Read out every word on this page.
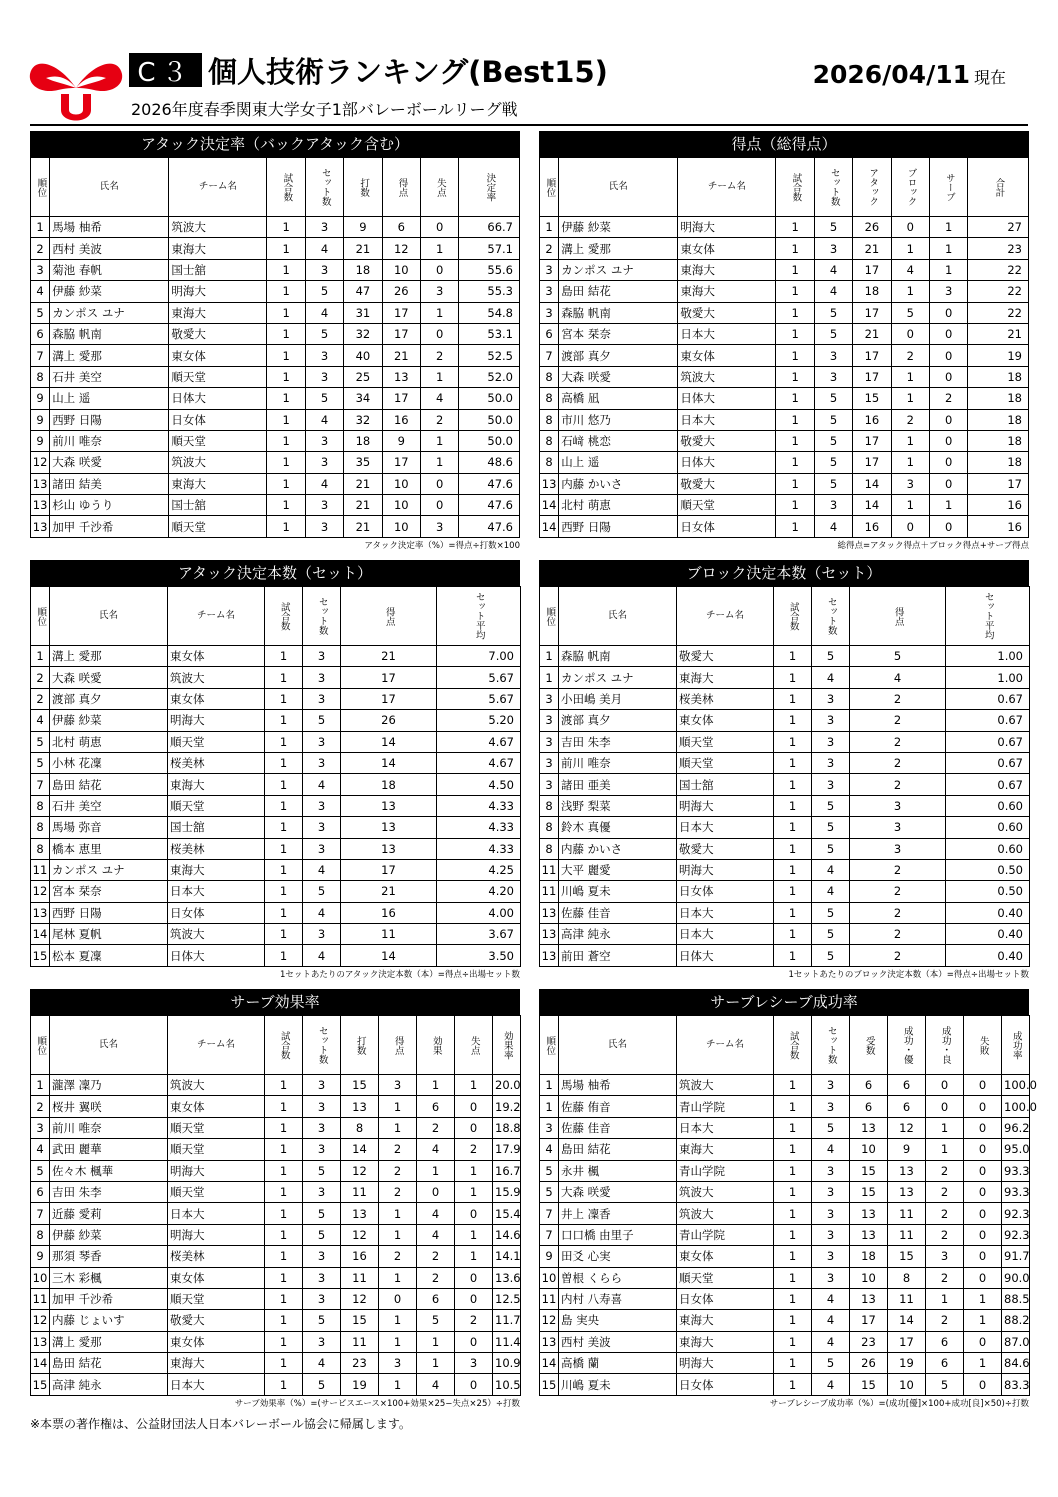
C３ 個人技術ランキング(Best15)	2026/04/11 現在
2026年度春季関東大学女子1部バレーボールリーグ戦
アタック決定率（バックアタック含む）
順位	氏名	チーム名	試合数	セット数	打数	得点	失点	決定率
1	馬場 柚希	筑波大	1	3	9	6	0	66.7
2	西村 美波	東海大	1	4	21	12	1	57.1
3	菊池 春帆	国士舘	1	3	18	10	0	55.6
4	伊藤 紗菜	明海大	1	5	47	26	3	55.3
5	カンポス ユナ	東海大	1	4	31	17	1	54.8
6	森脇 帆南	敬愛大	1	5	32	17	0	53.1
7	溝上 愛那	東女体	1	3	40	21	2	52.5
8	石井 美空	順天堂	1	3	25	13	1	52.0
9	山上 遥	日体大	1	5	34	17	4	50.0
9	西野 日陽	日女体	1	4	32	16	2	50.0
9	前川 唯奈	順天堂	1	3	18	9	1	50.0
12	大森 咲愛	筑波大	1	3	35	17	1	48.6
13	諸田 結美	東海大	1	4	21	10	0	47.6
13	杉山 ゆうり	国士舘	1	3	21	10	0	47.6
13	加甲 千沙希	順天堂	1	3	21	10	3	47.6
アタック決定率（%）=得点÷打数×100
得点（総得点）
順位	氏名	チーム名	試合数	セット数	アタック	ブロック	サーブ	合計
1	伊藤 紗菜	明海大	1	5	26	0	1	27
2	溝上 愛那	東女体	1	3	21	1	1	23
3	カンポス ユナ	東海大	1	4	17	4	1	22
3	島田 結花	東海大	1	4	18	1	3	22
3	森脇 帆南	敬愛大	1	5	17	5	0	22
6	宮本 栞奈	日本大	1	5	21	0	0	21
7	渡部 真夕	東女体	1	3	17	2	0	19
8	大森 咲愛	筑波大	1	3	17	1	0	18
8	高橋 凪	日体大	1	5	15	1	2	18
8	市川 悠乃	日本大	1	5	16	2	0	18
8	石﨑 桃恋	敬愛大	1	5	17	1	0	18
8	山上 遥	日体大	1	5	17	1	0	18
13	内藤 かいさ	敬愛大	1	5	14	3	0	17
14	北村 萌恵	順天堂	1	3	14	1	1	16
14	西野 日陽	日女体	1	4	16	0	0	16
総得点=アタック得点＋ブロック得点+サーブ得点
アタック決定本数（セット）
順位	氏名	チーム名	試合数	セット数	得点	セット平均
1	溝上 愛那	東女体	1	3	21	7.00
2	大森 咲愛	筑波大	1	3	17	5.67
2	渡部 真夕	東女体	1	3	17	5.67
4	伊藤 紗菜	明海大	1	5	26	5.20
5	北村 萌恵	順天堂	1	3	14	4.67
5	小林 花凜	桜美林	1	3	14	4.67
7	島田 結花	東海大	1	4	18	4.50
8	石井 美空	順天堂	1	3	13	4.33
8	馬場 弥音	国士舘	1	3	13	4.33
8	橋本 恵里	桜美林	1	3	13	4.33
11	カンポス ユナ	東海大	1	4	17	4.25
12	宮本 栞奈	日本大	1	5	21	4.20
13	西野 日陽	日女体	1	4	16	4.00
14	尾林 夏帆	筑波大	1	3	11	3.67
15	松本 夏凜	日体大	1	4	14	3.50
1セットあたりのアタック決定本数（本）=得点÷出場セット数
ブロック決定本数（セット）
順位	氏名	チーム名	試合数	セット数	得点	セット平均
1	森脇 帆南	敬愛大	1	5	5	1.00
1	カンポス ユナ	東海大	1	4	4	1.00
3	小田嶋 美月	桜美林	1	3	2	0.67
3	渡部 真夕	東女体	1	3	2	0.67
3	吉田 朱李	順天堂	1	3	2	0.67
3	前川 唯奈	順天堂	1	3	2	0.67
3	諸田 亜美	国士舘	1	3	2	0.67
8	浅野 梨菜	明海大	1	5	3	0.60
8	鈴木 真優	日本大	1	5	3	0.60
8	内藤 かいさ	敬愛大	1	5	3	0.60
11	大平 麗愛	明海大	1	4	2	0.50
11	川嶋 夏未	日女体	1	4	2	0.50
13	佐藤 佳音	日本大	1	5	2	0.40
13	高津 純永	日本大	1	5	2	0.40
13	前田 蒼空	日体大	1	5	2	0.40
1セットあたりのブロック決定本数（本）=得点÷出場セット数
サーブ効果率
順位	氏名	チーム名	試合数	セット数	打数	得点	効果	失点	効果率
1	瀧澤 凜乃	筑波大	1	3	15	3	1	1	20.0
2	桜井 翼咲	東女体	1	3	13	1	6	0	19.2
3	前川 唯奈	順天堂	1	3	8	1	2	0	18.8
4	武田 麗華	順天堂	1	3	14	2	4	2	17.9
5	佐々木 楓華	明海大	1	5	12	2	1	1	16.7
6	吉田 朱李	順天堂	1	3	11	2	0	1	15.9
7	近藤 愛莉	日本大	1	5	13	1	4	0	15.4
8	伊藤 紗菜	明海大	1	5	12	1	4	1	14.6
9	那須 琴香	桜美林	1	3	16	2	2	1	14.1
10	三木 彩楓	東女体	1	3	11	1	2	0	13.6
11	加甲 千沙希	順天堂	1	3	12	0	6	0	12.5
12	内藤 じょいす	敬愛大	1	5	15	1	5	2	11.7
13	溝上 愛那	東女体	1	3	11	1	1	0	11.4
14	島田 結花	東海大	1	4	23	3	1	3	10.9
15	高津 純永	日本大	1	5	19	1	4	0	10.5
サーブ効果率（%）=(サービスエース×100+効果×25−失点×25）÷打数
サーブレシーブ成功率
順位	氏名	チーム名	試合数	セット数	受数	成功・優	成功・良	失敗	成功率
1	馬場 柚希	筑波大	1	3	6	6	0	0	100.0
1	佐藤 侑音	青山学院	1	3	6	6	0	0	100.0
3	佐藤 佳音	日本大	1	5	13	12	1	0	96.2
4	島田 結花	東海大	1	4	10	9	1	0	95.0
5	永井 楓	青山学院	1	3	15	13	2	0	93.3
5	大森 咲愛	筑波大	1	3	15	13	2	0	93.3
7	井上 凜香	筑波大	1	3	13	11	2	0	92.3
7	口口橋 由里子	青山学院	1	3	13	11	2	0	92.3
9	田爻 心実	東女体	1	3	18	15	3	0	91.7
10	曽根 くらら	順天堂	1	3	10	8	2	0	90.0
11	内村 八寿喜	日女体	1	4	13	11	1	1	88.5
12	島 実央	東海大	1	4	17	14	2	1	88.2
13	西村 美波	東海大	1	4	23	17	6	0	87.0
14	高橋 蘭	明海大	1	5	26	19	6	1	84.6
15	川嶋 夏未	日女体	1	4	15	10	5	0	83.3
サーブレシーブ成功率（%）=(成功[優]×100+成功[良]×50)÷打数
※本票の著作権は、公益財団法人日本バレーボール協会に帰属します。
